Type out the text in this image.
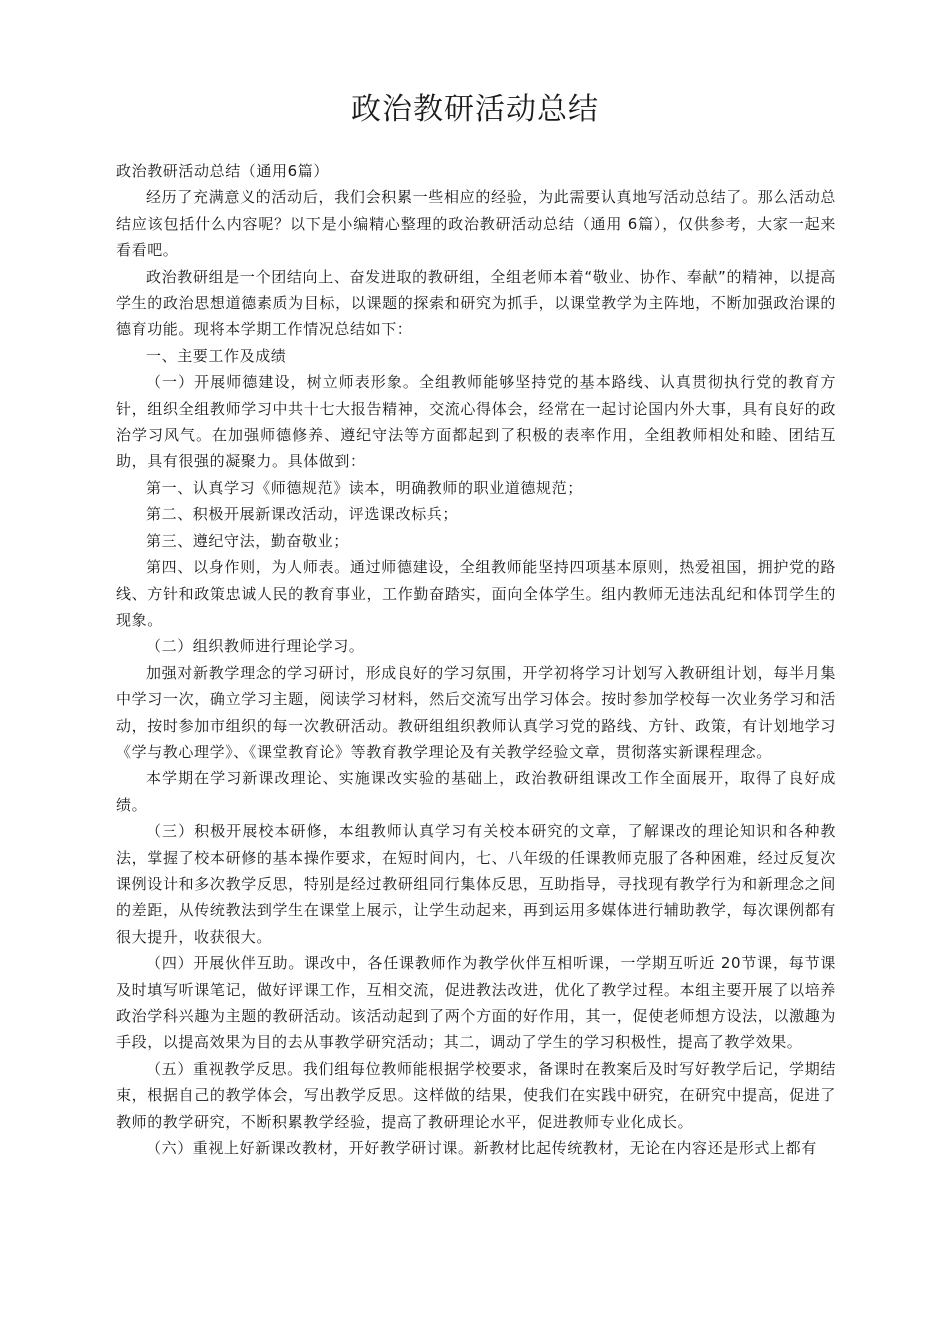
政治教研活动总结

政治教研活动总结（通用6篇）

经历了充满意义的活动后，我们会积累一些相应的经验，为此需要认真地写活动总结了。那么活动总结应该包括什么内容呢？以下是小编精心整理的政治教研活动总结（通用 6篇），仅供参考，大家一起来看看吧。

政治教研组是一个团结向上、奋发进取的教研组，全组老师本着“敬业、协作、奉献”的精神，以提高学生的政治思想道德素质为目标，以课题的探索和研究为抓手，以课堂教学为主阵地，不断加强政治课的德育功能。现将本学期工作情况总结如下：

一、主要工作及成绩

（一）开展师德建设，树立师表形象。全组教师能够坚持党的基本路线、认真贯彻执行党的教育方针，组织全组教师学习中共十七大报告精神，交流心得体会，经常在一起讨论国内外大事，具有良好的政治学习风气。在加强师德修养、遵纪守法等方面都起到了积极的表率作用，全组教师相处和睦、团结互助，具有很强的凝聚力。具体做到：

第一、认真学习《师德规范》读本，明确教师的职业道德规范；

第二、积极开展新课改活动，评选课改标兵；

第三、遵纪守法，勤奋敬业；

第四、以身作则，为人师表。通过师德建设，全组教师能坚持四项基本原则，热爱祖国，拥护党的路线、方针和政策忠诚人民的教育事业，工作勤奋踏实，面向全体学生。组内教师无违法乱纪和体罚学生的现象。

（二）组织教师进行理论学习。

加强对新教学理念的学习研讨，形成良好的学习氛围，开学初将学习计划写入教研组计划，每半月集中学习一次，确立学习主题，阅读学习材料，然后交流写出学习体会。按时参加学校每一次业务学习和活动，按时参加市组织的每一次教研活动。教研组组织教师认真学习党的路线、方针、政策，有计划地学习《学与教心理学》、《课堂教育论》等教育教学理论及有关教学经验文章，贯彻落实新课程理念。

本学期在学习新课改理论、实施课改实验的基础上，政治教研组课改工作全面展开，取得了良好成绩。

（三）积极开展校本研修，本组教师认真学习有关校本研究的文章，了解课改的理论知识和各种教法，掌握了校本研修的基本操作要求，在短时间内，七、八年级的任课教师克服了各种困难，经过反复次课例设计和多次教学反思，特别是经过教研组同行集体反思，互助指导，寻找现有教学行为和新理念之间的差距，从传统教法到学生在课堂上展示，让学生动起来，再到运用多媒体进行辅助教学，每次课例都有很大提升，收获很大。

（四）开展伙伴互助。课改中，各任课教师作为教学伙伴互相听课，一学期互听近 20节课，每节课及时填写听课笔记，做好评课工作，互相交流，促进教法改进，优化了教学过程。本组主要开展了以培养政治学科兴趣为主题的教研活动。该活动起到了两个方面的好作用，其一，促使老师想方设法，以激趣为手段，以提高效果为目的去从事教学研究活动；其二，调动了学生的学习积极性，提高了教学效果。

（五）重视教学反思。我们组每位教师能根据学校要求，备课时在教案后及时写好教学后记，学期结束，根据自己的教学体会，写出教学反思。这样做的结果，使我们在实践中研究，在研究中提高，促进了教师的教学研究，不断积累教学经验，提高了教研理论水平，促进教师专业化成长。

（六）重视上好新课改教材，开好教学研讨课。新教材比起传统教材，无论在内容还是形式上都有
